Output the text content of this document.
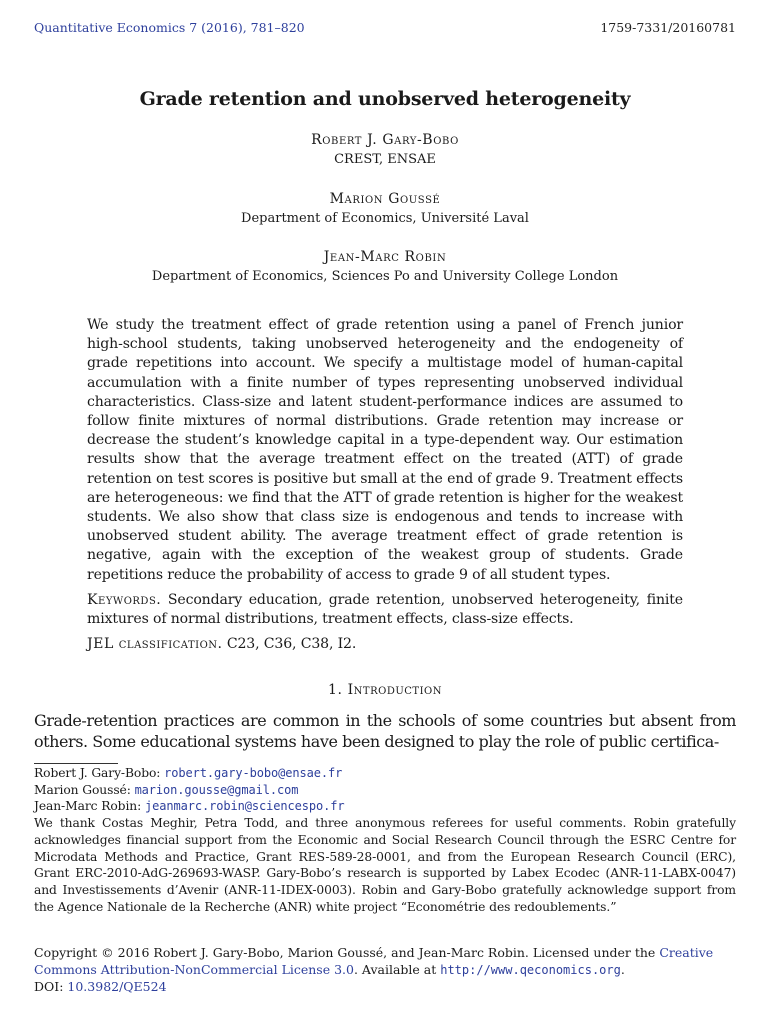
Quantitative Economics 7 (2016), 781–820	1759-7331/20160781
Grade retention and unobserved heterogeneity
Robert J. Gary-Bobo
CREST, ENSAE
Marion Goussé
Department of Economics, Université Laval
Jean-Marc Robin
Department of Economics, Sciences Po and University College London

We study the treatment effect of grade retention using a panel of French junior high-school students, taking unobserved heterogeneity and the endogeneity of grade repetitions into account. We specify a multistage model of human-capital accumulation with a finite number of types representing unobserved individual characteristics. Class-size and latent student-performance indices are assumed to follow finite mixtures of normal distributions. Grade retention may increase or decrease the student’s knowledge capital in a type-dependent way. Our estimation results show that the average treatment effect on the treated (ATT) of grade retention on test scores is positive but small at the end of grade 9. Treatment effects are heterogeneous: we find that the ATT of grade retention is higher for the weakest students. We also show that class size is endogenous and tends to increase with unobserved student ability. The average treatment effect of grade retention is negative, again with the exception of the weakest group of students. Grade repetitions reduce the probability of access to grade 9 of all student types.

Keywords. Secondary education, grade retention, unobserved heterogeneity, finite mixtures of normal distributions, treatment effects, class-size effects.

JEL classification. C23, C36, C38, I2.

1. Introduction
Grade-retention practices are common in the schools of some countries but absent from others. Some educational systems have been designed to play the role of public certifica-

Robert J. Gary-Bobo: robert.gary-bobo@ensae.fr

Marion Goussé: marion.gousse@gmail.com

Jean-Marc Robin: jeanmarc.robin@sciencespo.fr

We thank Costas Meghir, Petra Todd, and three anonymous referees for useful comments. Robin gratefully acknowledges financial support from the Economic and Social Research Council through the ESRC Centre for Microdata Methods and Practice, Grant RES-589-28-0001, and from the European Research Council (ERC), Grant ERC-2010-AdG-269693-WASP. Gary-Bobo’s research is supported by Labex Ecodec (ANR-11-LABX-0047) and Investissements d’Avenir (ANR-11-IDEX-0003). Robin and Gary-Bobo gratefully acknowledge support from the Agence Nationale de la Recherche (ANR) white project “Econométrie des redoublements.”

Copyright © 2016 Robert J. Gary-Bobo, Marion Goussé, and Jean-Marc Robin. Licensed under the Creative Commons Attribution-NonCommercial License 3.0. Available at http://www.qeconomics.org.

DOI: 10.3982/QE524
